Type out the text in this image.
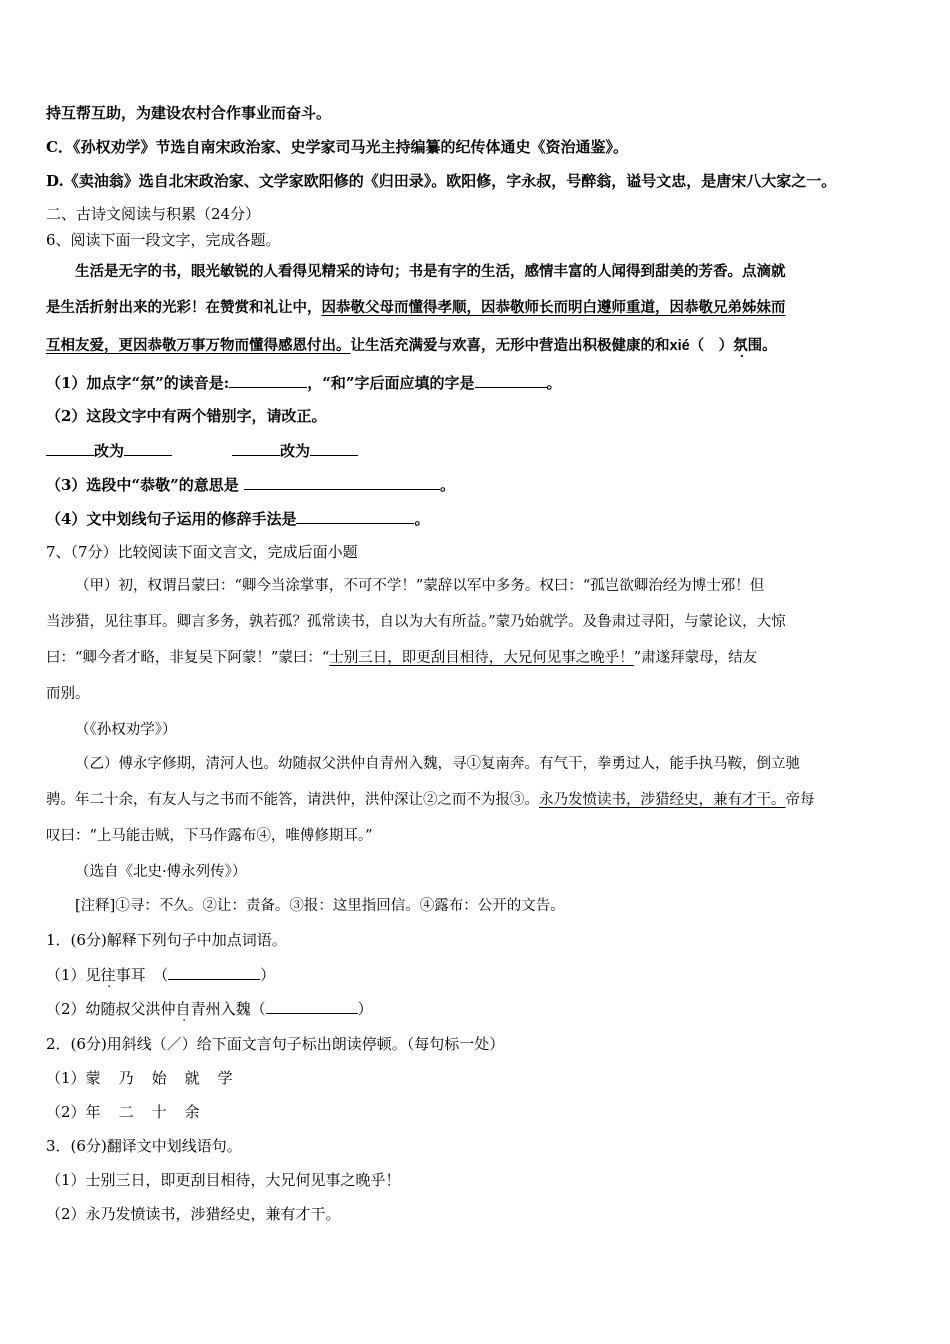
持互帮互助，为建设农村合作事业而奋斗。
C．《孙权劝学》节选自南宋政治家、史学家司马光主持编纂的纪传体通史《资治通鉴》。
D.《卖油翁》选自北宋政治家、文学家欧阳修的《归田录》。欧阳修，字永叔，号醉翁，谥号文忠，是唐宋八大家之一。
二、古诗文阅读与积累（24分）
6、阅读下面一段文字，完成各题。
生活是无字的书，眼光敏锐的人看得见精采的诗句；书是有字的生活，感情丰富的人闻得到甜美的芳香。点滴就
是生活折射出来的光彩！在赞赏和礼让中，因恭敬父母而懂得孝顺，因恭敬师长而明白遵师重道，因恭敬兄弟姊妹而
互相友爱，更因恭敬万事万物而懂得感恩付出。让生活充满爱与欢喜，无形中营造出积极健康的和xié（　）氛围。
（1）加点字“氛”的读音是:	，“和”字后面应填的字是	。
（2）这段文字中有两个错别字，请改正。
改为	改为
（3）选段中“恭敬”的意思是	。
（4）文中划线句子运用的修辞手法是	。
7、（7分）比较阅读下面文言文，完成后面小题
（甲）初，权谓吕蒙曰：“卿今当涂掌事，不可不学！”蒙辞以军中多务。权曰：“孤岂欲卿治经为博士邪！但
当涉猎，见往事耳。卿言多务，孰若孤？孤常读书，自以为大有所益。”蒙乃始就学。及鲁肃过寻阳，与蒙论议，大惊
曰：“卿今者才略，非复吴下阿蒙！”蒙曰：“士别三日，即更刮目相待，大兄何见事之晚乎！”肃遂拜蒙母，结友
而别。
（《孙权劝学》）
（乙）傅永字修期，清河人也。幼随叔父洪仲自青州入魏，寻①复南奔。有气干，拳勇过人，能手执马鞍，倒立驰
骋。年二十余，有友人与之书而不能答，请洪仲，洪仲深让②之而不为报③。永乃发愤读书，涉猎经史，兼有才干。帝每
叹曰：“上马能击贼，下马作露布④，唯傅修期耳。”
（选自《北史·傅永列传》）
[注释]①寻：不久。②让：责备。③报：这里指回信。④露布：公开的文告。
1．(6分)解释下列句子中加点词语。
（1）见往事耳　（	）
（2）幼随叔父洪仲自青州入魏（	）
2．(6分)用斜线（／）给下面文言句子标出朗读停顿。（每句标一处）
（1）蒙 乃 始 就 学
（2）年 二 十 余
3．(6分)翻译文中划线语句。
（1）士别三日，即更刮目相待，大兄何见事之晚乎！
（2）永乃发愤读书，涉猎经史，兼有才干。
